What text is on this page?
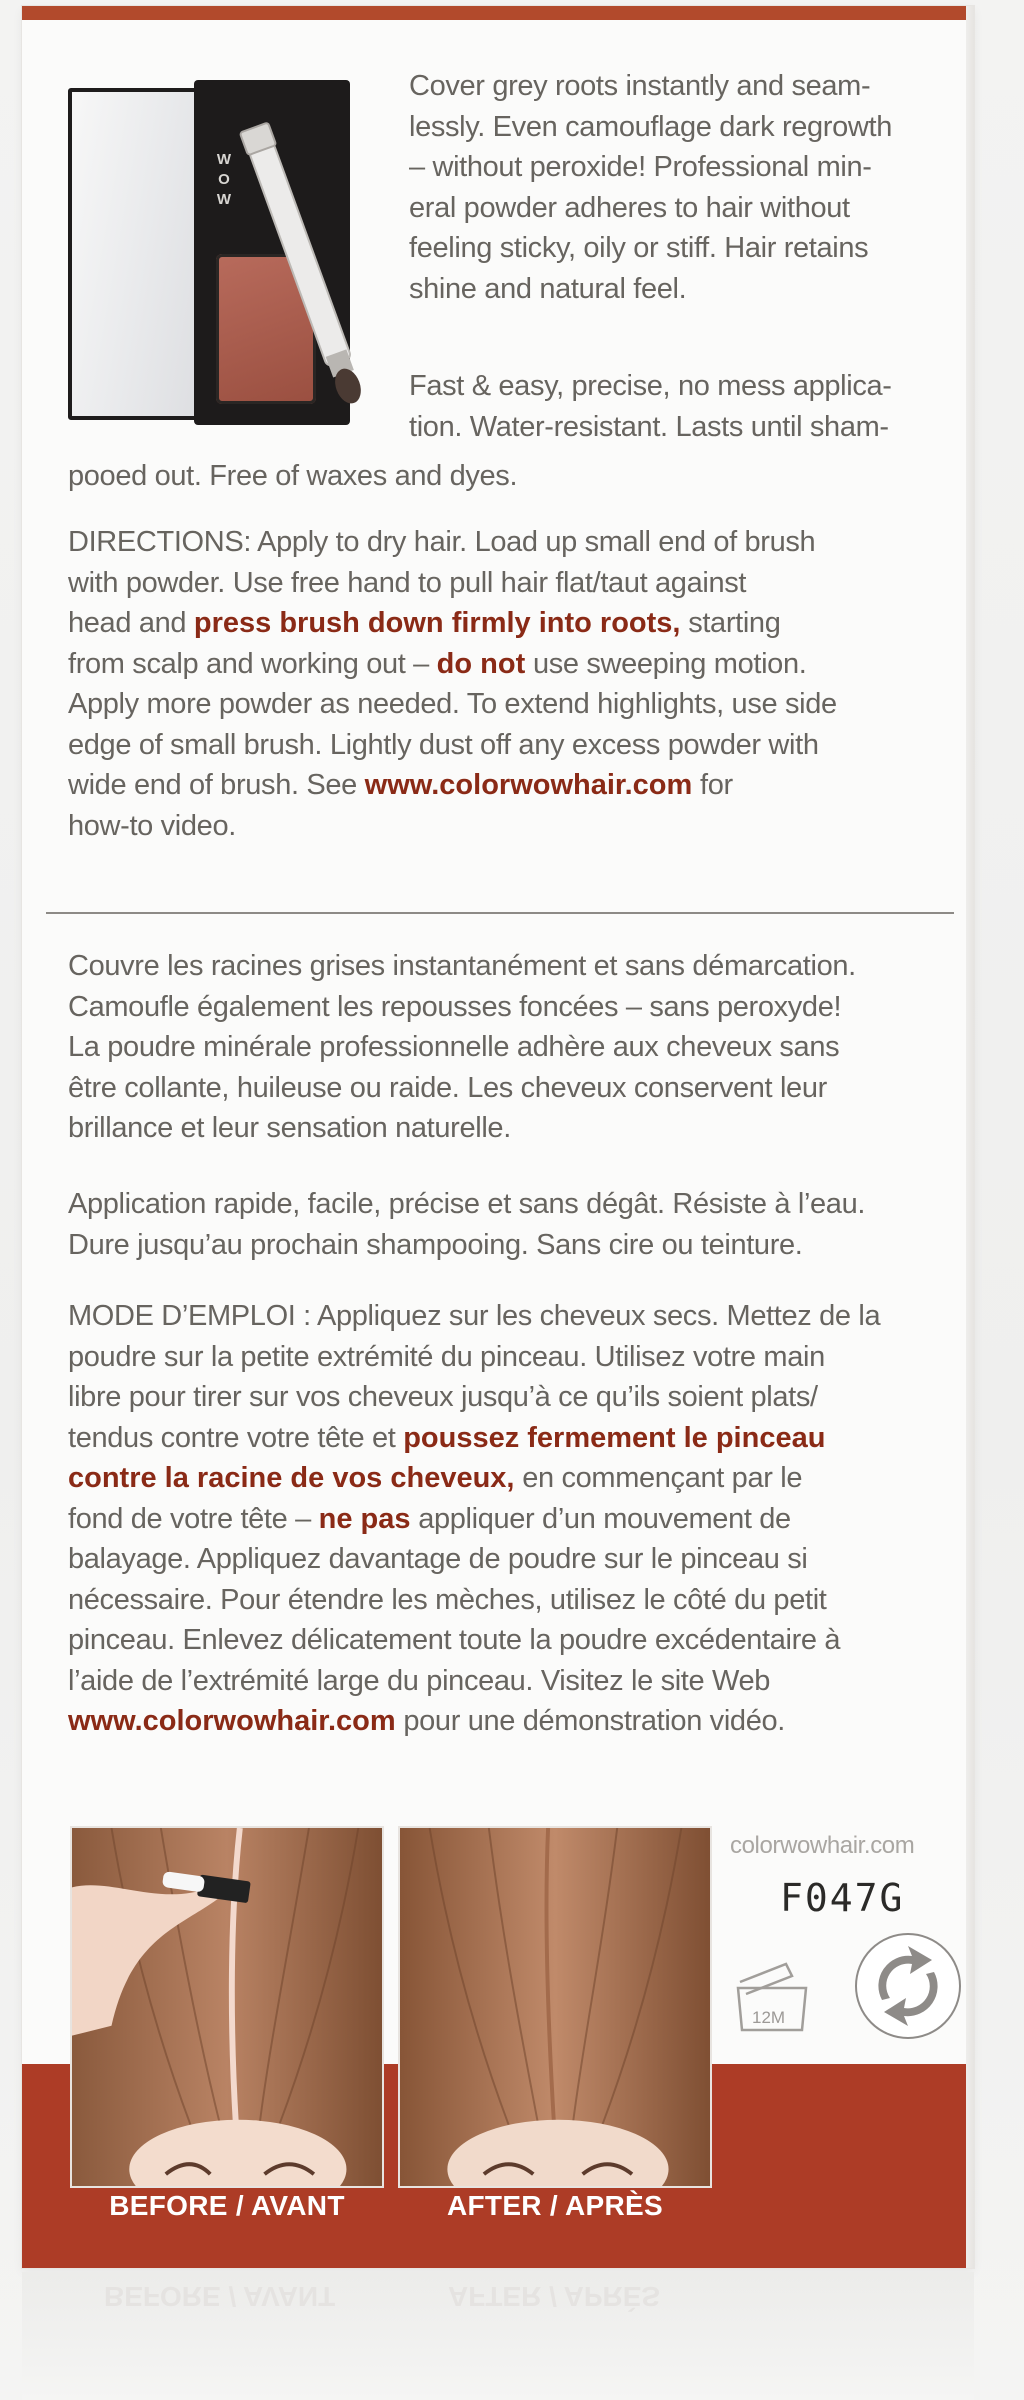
W O W
Cover grey roots instantly and seam-
lessly. Even camouflage dark regrowth
– without peroxide! Professional min-
eral powder adheres to hair without
feeling sticky, oily or stiff. Hair retains
shine and natural feel.
Fast & easy, precise, no mess applica-
tion. Water-resistant. Lasts until sham-
pooed out. Free of waxes and dyes.
DIRECTIONS: Apply to dry hair. Load up small end of brush
with powder. Use free hand to pull hair flat/taut against
head and press brush down firmly into roots, starting
from scalp and working out – do not use sweeping motion.
Apply more powder as needed. To extend highlights, use side
edge of small brush. Lightly dust off any excess powder with
wide end of brush. See www.colorwowhair.com for
how-to video.
Couvre les racines grises instantanément et sans démarcation.
Camoufle également les repousses foncées – sans peroxyde!
La poudre minérale professionnelle adhère aux cheveux sans
être collante, huileuse ou raide. Les cheveux conservent leur
brillance et leur sensation naturelle.
Application rapide, facile, précise et sans dégât. Résiste à l’eau.
Dure jusqu’au prochain shampooing. Sans cire ou teinture.
MODE D’EMPLOI : Appliquez sur les cheveux secs. Mettez de la
poudre sur la petite extrémité du pinceau. Utilisez votre main
libre pour tirer sur vos cheveux jusqu’à ce qu’ils soient plats/
tendus contre votre tête et poussez fermement le pinceau
contre la racine de vos cheveux, en commençant par le
fond de votre tête – ne pas appliquer d’un mouvement de
balayage. Appliquez davantage de poudre sur le pinceau si
nécessaire. Pour étendre les mèches, utilisez le côté du petit
pinceau. Enlevez délicatement toute la poudre excédentaire à
l’aide de l’extrémité large du pinceau. Visitez le site Web
www.colorwowhair.com pour une démonstration vidéo.
BEFORE / AVANT	AFTER / APRÈS
colorwowhair.com
F047G
12M
BEFORE / AVANT	AFTER / APRÈS
